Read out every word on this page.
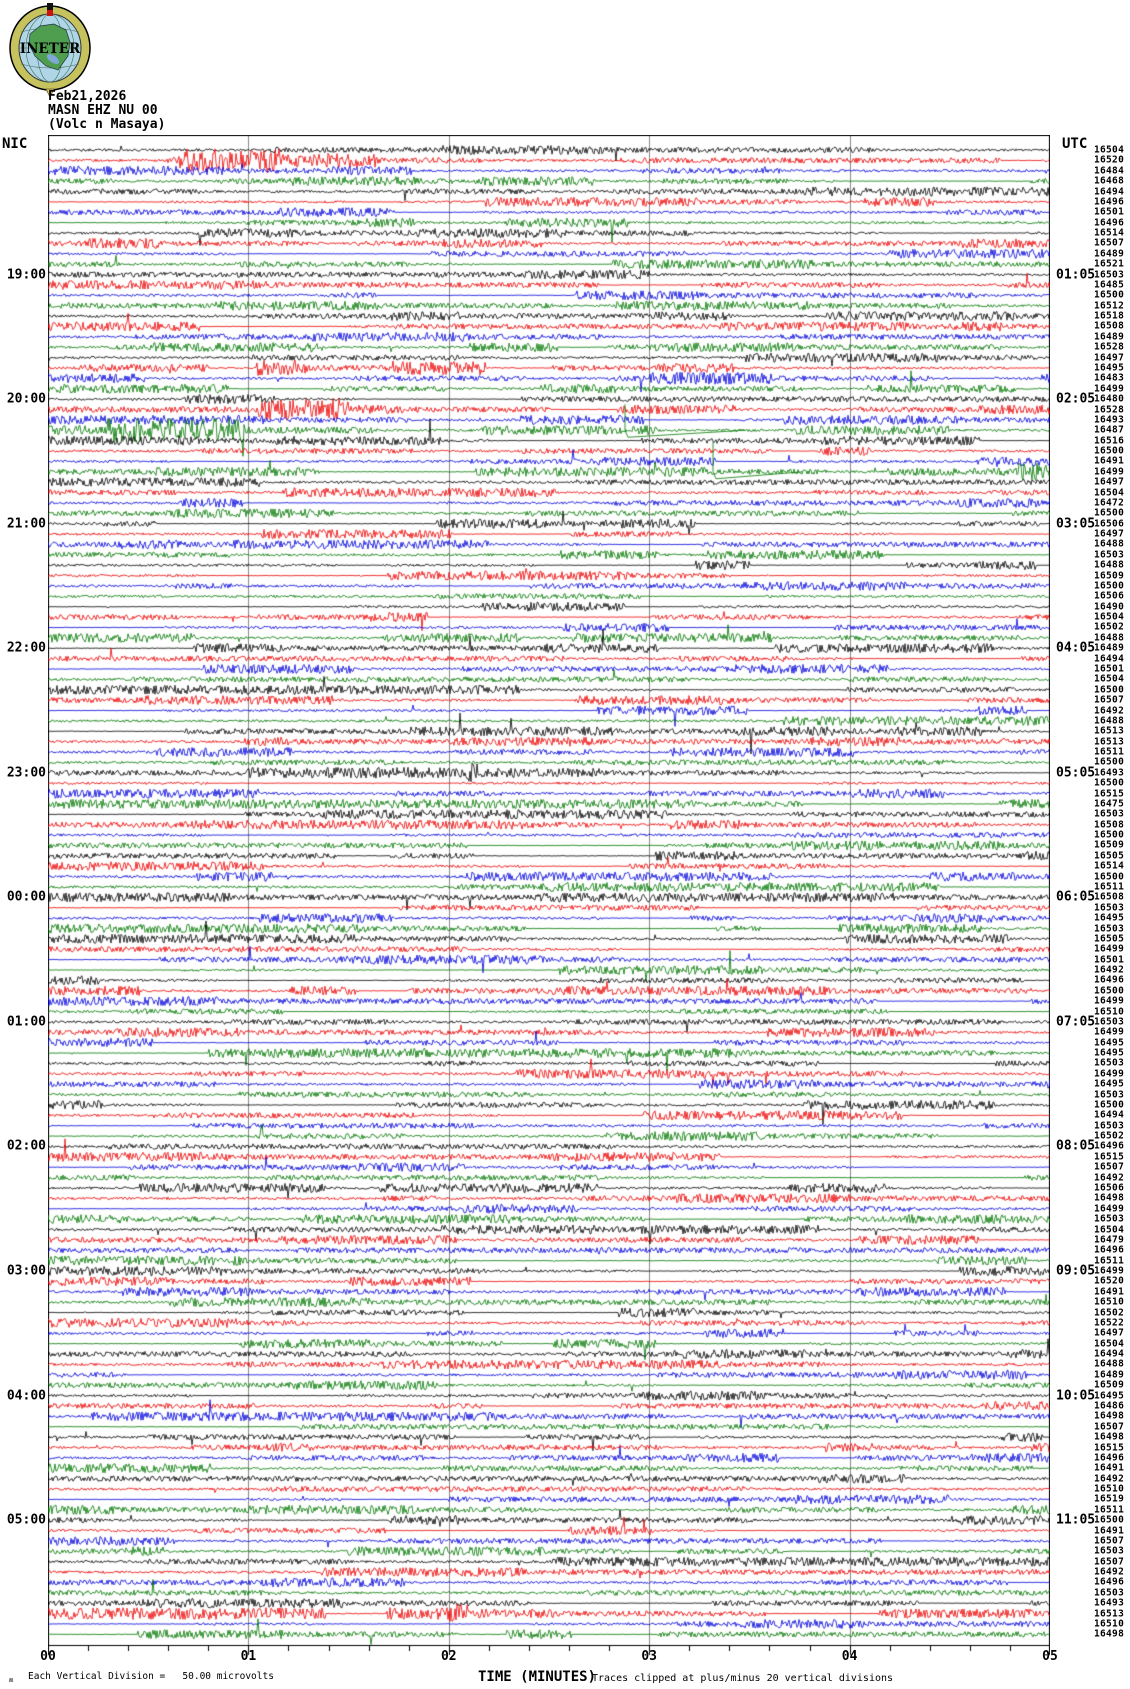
INETER
Feb21,2026
MASN EHZ NU 00
(Volc n Masaya)
NIC	UTC
19:00
20:00
21:00
22:00
23:00
00:00
01:00
02:00
03:00
04:00
05:00
01:05
02:05
03:05
04:05
05:05
06:05
07:05
08:05
09:05
10:05
11:05
16504
16520
16484
16468
16494
16496
16501
16496
16514
16507
16489
16521
16503
16485
16500
16512
16518
16508
16489
16528
16497
16495
16483
16499
16480
16528
16493
16487
16516
16500
16491
16499
16497
16504
16472
16500
16506
16497
16488
16503
16488
16509
16500
16506
16490
16504
16502
16488
16489
16494
16501
16504
16500
16507
16492
16488
16513
16513
16511
16500
16493
16500
16515
16475
16503
16508
16500
16509
16505
16514
16500
16511
16508
16503
16495
16503
16505
16499
16501
16492
16496
16500
16499
16510
16503
16499
16495
16495
16503
16499
16495
16503
16500
16494
16503
16502
16496
16515
16507
16492
16506
16498
16499
16503
16504
16479
16496
16511
16499
16520
16491
16510
16502
16522
16497
16504
16494
16488
16489
16509
16495
16486
16498
16507
16498
16515
16496
16491
16492
16510
16519
16511
16500
16491
16507
16503
16507
16492
16496
16503
16493
16513
16510
16498
00	01	02	03	04	05
ʍ Each Vertical Division =   50.00 microvolts	TIME (MINUTES)
Traces clipped at plus/minus 20 vertical divisions
